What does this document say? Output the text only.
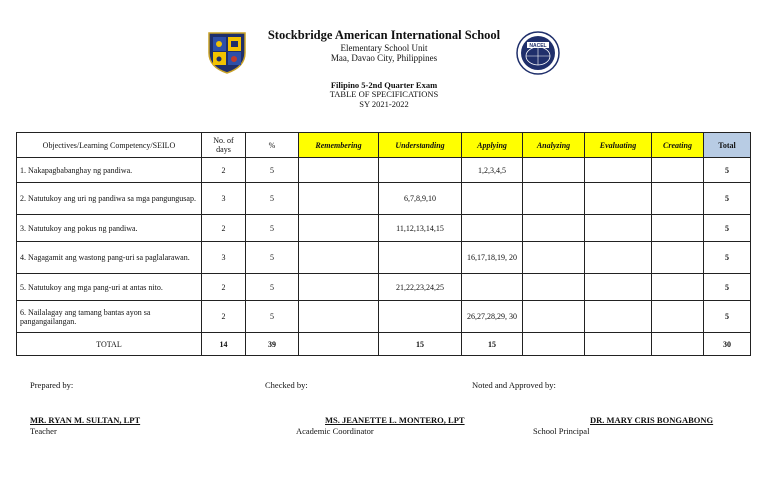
Stockbridge American International School
Elementary School Unit
Maa, Davao City, Philippines
Filipino 5-2nd Quarter Exam
TABLE OF SPECIFICATIONS
SY 2021-2022
NACEL
Objectives/Learning Competency/SEILO	No. of days	%	Remembering	Understanding	Applying	Analyzing	Evaluating	Creating	Total
1. Nakapagbabanghay ng pandiwa.	2	5			1,2,3,4,5				5
2. Natutukoy ang uri ng pandiwa sa mga pangungusap.	3	5		6,7,8,9,10					5
3. Natutukoy ang pokus ng pandiwa.	2	5		11,12,13,14,15					5
4. Nagagamit ang wastong pang-uri sa paglalarawan.	3	5			16,17,18,19, 20				5
5. Natutukoy ang mga pang-uri at antas nito.	2	5		21,22,23,24,25					5
6. Nailalagay ang tamang bantas ayon sa pangangailangan.	2	5			26,27,28,29, 30				5
TOTAL	14	39		15	15				30
Prepared by:	Checked by:	Noted and Approved by:
MR. RYAN M. SULTAN, LPT	MS. JEANETTE L. MONTERO, LPT	DR. MARY CRIS BONGABONG
Teacher	Academic Coordinator	School Principal
